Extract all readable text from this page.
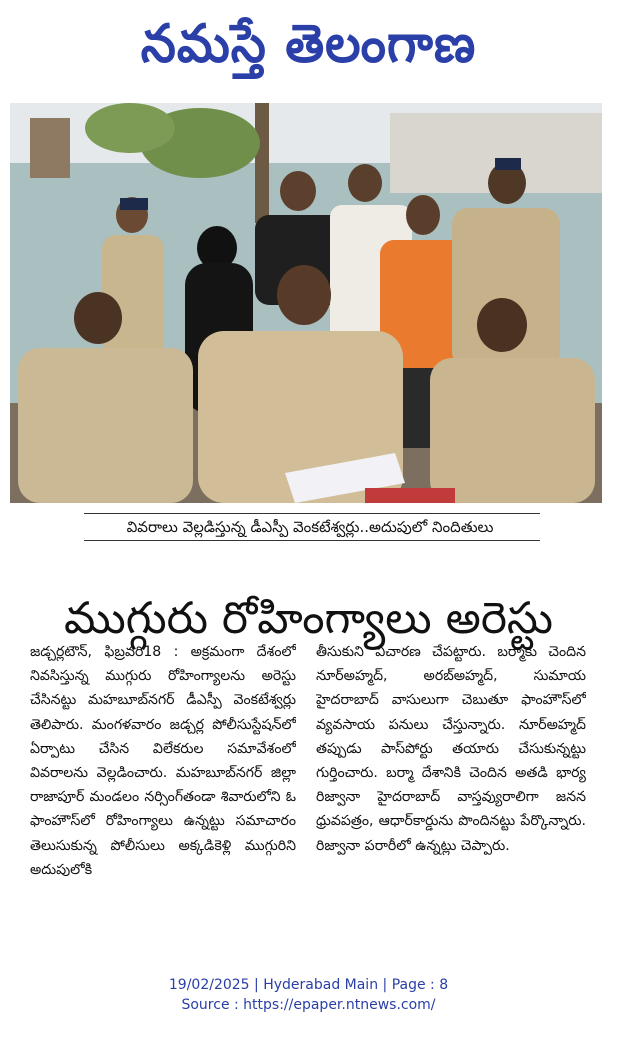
నమస్తే తెలంగాణ
వివరాలు వెల్లడిస్తున్న డీఎస్పీ వెంకటేశ్వర్లు..అదుపులో నిందితులు
ముగ్గురు రోహింగ్యాలు అరెస్టు

జడ్చర్లటౌన్, ఫిబ్రవరి18 : అక్రమంగా దేశంలో నివసిస్తున్న ముగ్గురు రోహింగ్యాలను అరెస్టు చేసినట్టు మహబూబ్‌నగర్ డీఎస్పీ వెంకటేశ్వర్లు తెలిపారు. మంగళవారం జడ్చర్ల పోలీసుస్టేషన్‌లో ఏర్పాటు చేసిన విలేకరుల సమావేశంలో వివరాలను వెల్లడించారు. మహబూబ్‌నగర్ జిల్లా రాజాపూర్ మండలం నర్సింగ్‌తండా శివారులోని ఓ ఫాంహౌస్‌లో రోహింగ్యాలు ఉన్నట్టు సమాచారం తెలుసుకున్న పోలీసులు అక్కడికెళ్లి ముగ్గురిని అదుపులోకి

తీసుకుని విచారణ చేపట్టారు. బర్మాకు చెందిన నూర్‌అహ్మద్, అరబ్‌అహ్మద్, సుమాయ హైదరాబాద్ వాసులుగా చెబుతూ ఫాంహౌస్‌లో వ్యవసాయ పనులు చేస్తున్నారు. నూర్‌అహ్మద్ తప్పుడు పాస్‌పోర్టు తయారు చేసుకున్నట్టు గుర్తించారు. బర్మా దేశానికి చెందిన అతడి భార్య రిజ్వానా హైదరాబాద్ వాస్తవ్యురాలిగా జనన ధ్రువపత్రం, ఆధార్‌కార్డును పొందినట్టు పేర్కొన్నారు. రిజ్వానా పరారీలో ఉన్నట్లు చెప్పారు.

19/02/2025 | Hyderabad Main | Page : 8
Source : https://epaper.ntnews.com/
